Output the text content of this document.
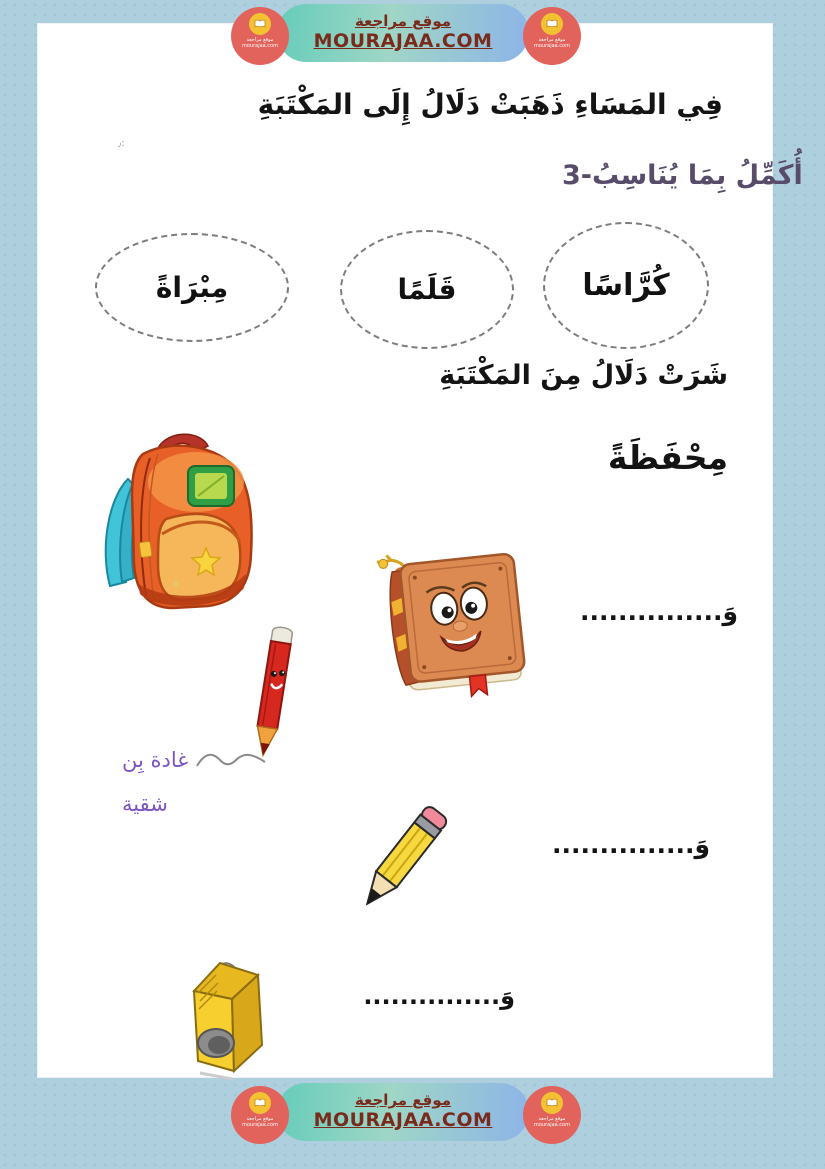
موقع مراجعة
MOURAJAA.COM
موقع مراجعة
mourajaa.com
موقع مراجعة
mourajaa.com
فِي المَسَاءِ ذَهَبَتْ دَلَالُ إِلَى المَكْتَبَةِ
٫:
3-أُكَمِّلُ بِمَا يُنَاسِبُ
مِبْرَاةً	قَلَمًا	كُرَّاسًا
شَرَتْ دَلَالُ مِنَ المَكْتَبَةِ
مِحْفَظَةً
وَ...............
غادة بِن
شقية
وَ...............
وَ...............
موقع مراجعة
MOURAJAA.COM
موقع مراجعة
mourajaa.com
موقع مراجعة
mourajaa.com
